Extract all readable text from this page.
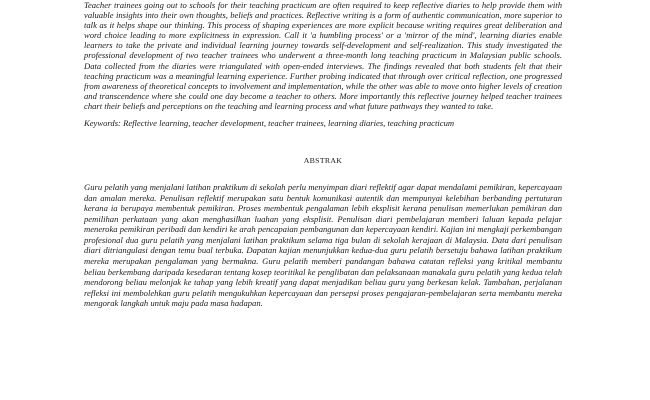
Teacher trainees going out to schools for their teaching practicum are often required to keep reflective diaries to help provide them with valuable insights into their own thoughts, beliefs and practices. Reflective writing is a form of authentic communication, more superior to talk as it helps shape our thinking. This process of shaping experiences are more explicit because writing requires great deliberation and word choice leading to more explicitness in expression. Call it 'a humbling process' or a 'mirror of the mind', learning diaries enable learners to take the private and individual learning journey towards self-development and self-realization. This study investigated the professional development of two teacher trainees who underwent a three-month long teaching practicum in Malaysian public schools. Data collected from the diaries were triangulated with open-ended interviews. The findings revealed that both students felt that their teaching practicum was a meaningful learning experience. Further probing indicated that through over critical reflection, one progressed from awareness of theoretical concepts to involvement and implementation, while the other was able to move onto higher levels of creation and transcendence where she could one day become a teacher to others. More importantly this reflective journey helped teacher trainees chart their beliefs and perceptions on the teaching and learning process and what future pathways they wanted to take.

Keywords: Reflective learning, teacher development, teacher trainees, learning diaries, teaching practicum

ABSTRAK

Guru pelatih yang menjalani latihan praktikum di sekolah perlu menyimpan diari reflektif agar dapat mendalami pemikiran, kepercayaan dan amalan mereka. Penulisan reflektif merupakan satu bentuk komunikasi autentik dan mempunyai kelebihan berbanding pertuturan kerana ia berupaya membentuk pemikiran. Proses membentuk pengalaman lebih eksplisit kerana penulisan memerlukan pemikiran dan pemilihan perkataan yang akan menghasilkan luahan yang eksplisit. Penulisan diari pembelajaran memberi laluan kepada pelajar meneroka pemikiran peribadi dan kendiri ke arah pencapaian pembangunan dan kepercayaan kendiri. Kajian ini mengkaji perkembangan profesional dua guru pelatih yang menjalani latihan praktikum selama tiga bulan di sekolah kerajaan di Malaysia. Data dari penulisan diari ditriangulasi dengan temu bual terbuka. Dapatan kajian menunjukkan kedua-dua guru pelatih bersetuju bahawa latihan praktikum mereka merupakan pengalaman yang bermakna. Guru pelatih memberi pandangan bahawa catatan refleksi yang kritikal membantu beliau berkembang daripada kesedaran tentang kosep teoritikal ke penglibatan dan pelaksanaan manakala guru pelatih yang kedua telah mendorong beliau melonjak ke tahap yang lebih kreatif yang dapat menjadikan beliau guru yang berkesan kelak. Tambahan, perjalanan refleksi ini membolehkan guru pelatih mengukuhkan kepercayaan dan persepsi proses pengajaran-pembelajaran serta membantu mereka mengorak langkah untuk maju pada masa hadapan.
